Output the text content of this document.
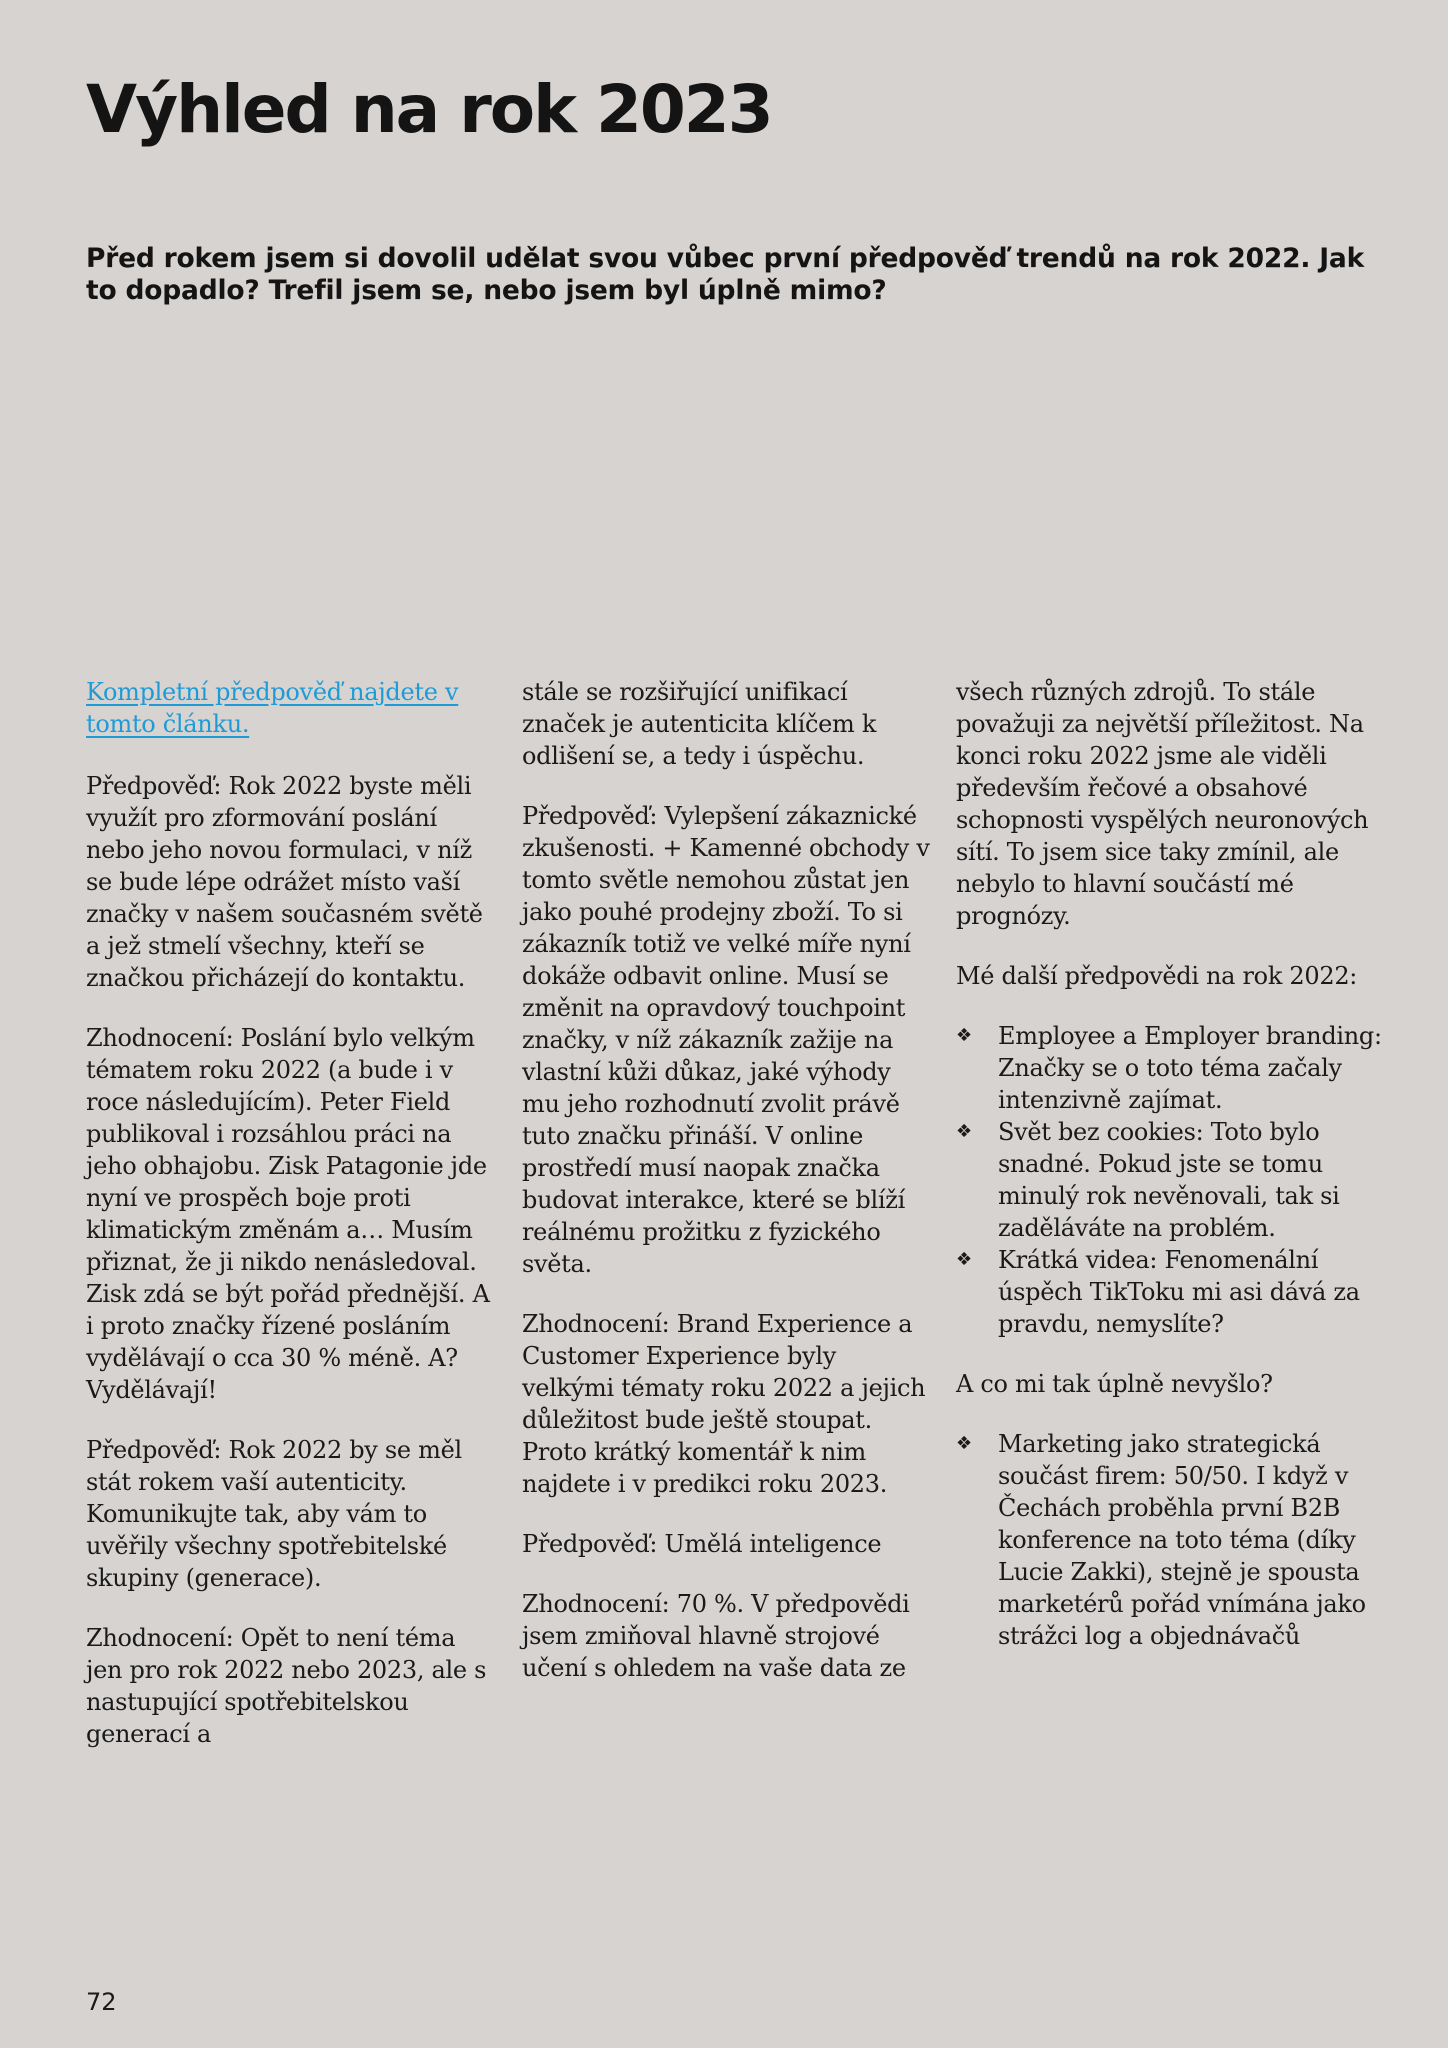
Výhled na rok 2023

Před rokem jsem si dovolil udělat svou vůbec první předpověď trendů na rok 2022. Jak to dopadlo? Trefil jsem se, nebo jsem byl úplně mimo?

Kompletní předpověď najdete v tomto článku.

Předpověď: Rok 2022 byste měli využít pro zformování poslání nebo jeho novou formulaci, v níž se bude lépe odrážet místo vaší značky v našem současném světě a jež stmelí všechny, kteří se značkou přicházejí do kontaktu.

Zhodnocení: Poslání bylo velkým tématem roku 2022 (a bude i v roce následujícím). Peter Field publikoval i rozsáhlou práci na jeho obhajobu. Zisk Patagonie jde nyní ve prospěch boje proti klimatickým změnám a… Musím přiznat, že ji nikdo nenásledoval. Zisk zdá se být pořád přednější. A i proto značky řízené posláním vydělávají o cca 30 % méně. A? Vydělávají!

Předpověď: Rok 2022 by se měl stát rokem vaší autenticity. Komunikujte tak, aby vám to uvěřily všechny spotřebitelské skupiny (generace).

Zhodnocení: Opět to není téma jen pro rok 2022 nebo 2023, ale s nastupující spotřebitelskou generací a

stále se rozšiřující unifikací značek je autenticita klíčem k odlišení se, a tedy i úspěchu.

Předpověď: Vylepšení zákaznické zkušenosti. + Kamenné obchody v tomto světle nemohou zůstat jen jako pouhé prodejny zboží. To si zákazník totiž ve velké míře nyní dokáže odbavit online. Musí se změnit na opravdový touchpoint značky, v níž zákazník zažije na vlastní kůži důkaz, jaké výhody mu jeho rozhodnutí zvolit právě tuto značku přináší. V online prostředí musí naopak značka budovat interakce, které se blíží reálnému prožitku z fyzického světa.

Zhodnocení: Brand Experience a Customer Experience byly velkými tématy roku 2022 a jejich důležitost bude ještě stoupat. Proto krátký komentář k nim najdete i v predikci roku 2023.

Předpověď: Umělá inteligence

Zhodnocení: 70 %. V předpovědi jsem zmiňoval hlavně strojové učení s ohledem na vaše data ze

všech různých zdrojů. To stále považuji za největší příležitost. Na konci roku 2022 jsme ale viděli především řečové a obsahové schopnosti vyspělých neuronových sítí. To jsem sice taky zmínil, ale nebylo to hlavní součástí mé prognózy.

Mé další předpovědi na rok 2022:

❖ Employee a Employer branding: Značky se o toto téma začaly intenzivně zajímat.
❖ Svět bez cookies: Toto bylo snadné. Pokud jste se tomu minulý rok nevěnovali, tak si zaděláváte na problém.
❖ Krátká videa: Fenomenální úspěch TikToku mi asi dává za pravdu, nemyslíte?

A co mi tak úplně nevyšlo?

❖ Marketing jako strategická součást firem: 50/50. I když v Čechách proběhla první B2B konference na toto téma (díky Lucie Zakki), stejně je spousta marketérů pořád vnímána jako strážci log a objednávačů
72
